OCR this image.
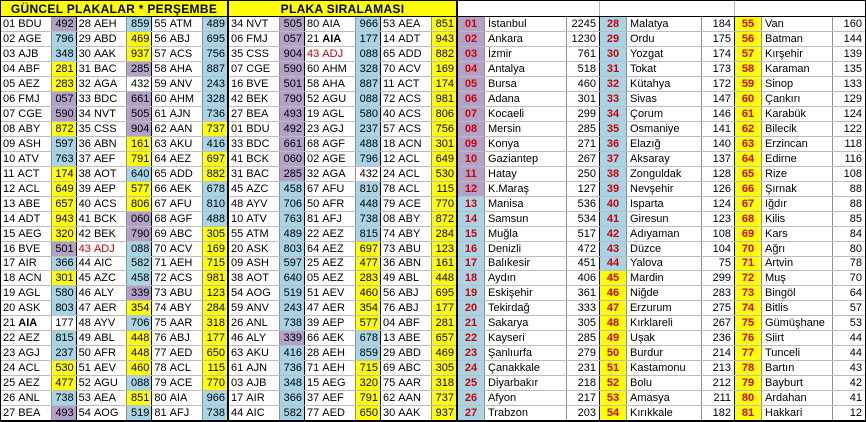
GÜNCEL PLAKALAR * PERŞEMBE
01 BDU	492 28 AEH	859 55 ATM	489
02 AGE	796 29 ABD	469 56 ABJ	695
03 AJB	348 30 AAK	937 57 ACS	756
04 ABF	281 31 BAC	285 58 AHA	887
05 AEZ	283 32 AGA	432 59 ANV	243
06 FMJ	057 33 BDC	661 60 AHM	328
07 CGE	590 34 NVT	505 61 AJN	736
08 ABY	872 35 CSS	904 62 AAN	737
09 ASH	597 36 ABN	161 63 AKU	416
10 ATV	763 37 AEF	791 64 AEZ	697
11 ACT	174 38 AOT	640 65 ADD	882
12 ACL	649 39 AEP	577 66 AEK	678
13 ABE	657 40 ACS	806 67 AFU	810
14 ADT	943 41 BCK	060 68 AGF	488
15 AEG	320 42 BEK	790 69 ABC	305
16 BVE	501 43 ADJ	088 70 ACV	169
17 AIR	366 44 AIC	582 71 AEH	715
18 ACN	301 45 AZC	458 72 ACS	981
19 AGL	580 46 ALY	339 73 ABU	123
20 ASK	803 47 AER	354 74 ABY	284
21 AIA	177 48 AYV	706 75 AAR	318
22 AEZ	815 49 ABL	448 76 ABJ	177
23 AGJ	237 50 AFR	448 77 AED	650
24 ACL	530 51 AEV	460 78 ACL	115
25 AEZ	477 52 AGU	088 79 ACE	770
26 ANL	738 53 AEA	851 80 AIA	966
27 BEA	493 54 AOG	519 81 AFJ	738
PLAKA SIRALAMASI
34 NVT	505 80 AIA	966 53 AEA	851
06 FMJ	057 21 AIA	177 14 ADT	943
35 CSS	904 43 ADJ	088 65 ADD	882
07 CGE	590 60 AHM	328 70 ACV	169
16 BVE	501 58 AHA	887 11 ACT	174
42 BEK	790 52 AGU	088 72 ACS	981
27 BEA	493 19 AGL	580 40 ACS	806
01 BDU	492 23 AGJ	237 57 ACS	756
33 BDC	661 68 AGF	488 18 ACN	301
41 BCK	060 02 AGE	796 12 ACL	649
31 BAC	285 32 AGA	432 24 ACL	530
45 AZC	458 67 AFU	810 78 ACL	115
48 AYV	706 50 AFR	448 79 ACE	770
10 ATV	763 81 AFJ	738 08 ABY	872
55 ATM	489 22 AEZ	815 74 ABY	284
20 ASK	803 64 AEZ	697 73 ABU	123
09 ASH	597 25 AEZ	477 36 ABN	161
38 AOT	640 05 AEZ	283 49 ABL	448
54 AOG	519 51 AEV	460 56 ABJ	695
59 ANV	243 47 AER	354 76 ABJ	177
26 ANL	738 39 AEP	577 04 ABF	281
46 ALY	339 66 AEK	678 13 ABE	657
63 AKU	416 28 AEH	859 29 ABD	469
61 AJN	736 71 AEH	715 69 ABC	305
03 AJB	348 15 AEG	320 75 AAR	318
17 AIR	366 37 AEF	791 62 AAN	737
44 AIC	582 77 AED	650 30 AAK	937
01 İstanbul	2245 28 Malatya	184 55 Van	160
02 Ankara	1230 29 Ordu	175 56 Batman	144
03 İzmir	761 30 Yozgat	174 57 Kırşehir	139
04 Antalya	518 31 Tokat	173 58 Karaman	135
05 Bursa	460 32 Kütahya	172 59 Sinop	133
06 Adana	301 33 Sivas	147 60 Çankırı	129
07 Kocaeli	299 34 Çorum	146 61 Karabük	124
08 Mersin	285 35 Osmaniye	141 62 Bilecik	122
09 Konya	271 36 Elazığ	140 63 Erzincan	118
10 Gaziantep	267 37 Aksaray	137 64 Edirne	116
11	Hatay	250 38 Zonguldak	128 65 Rize	108
12 K.Maraş	127 39 Nevşehir	126 66 Şırnak	88
13 Manisa	536 40 Isparta	124 67 Iğdır	88
14 Samsun	534 41 Giresun	123 68 Kilis	85
15 Muğla	517 42 Adıyaman	108 69 Kars	84
16 Denizli	472 43 Düzce	104 70 Ağrı	80
17 Balıkesir	451 44 Yalova	75 71 Artvin	78
18 Aydın	406 45 Mardin	299 72 Muş	70
19 Eskişehir	361 46 Niğde	283 73 Bingöl	64
20 Tekirdağ	333 47 Erzurum	275 74 Bitlis	57
21 Sakarya	305 48 Kırklareli	267 75 Gümüşhane	53
22 Kayseri	285 49 Uşak	236 76 Siirt	44
23 Şanlıurfa	279 50 Burdur	214 77 Tunceli	44
24 Çanakkale	231 51 Kastamonu	213 78 Bartın	43
25 Diyarbakır	218 52 Bolu	212 79 Bayburt	42
26 Afyon	217 53 Amasya	211 80 Ardahan	41
27 Trabzon	203 54 Kırıkkale	182 81 Hakkari	12
